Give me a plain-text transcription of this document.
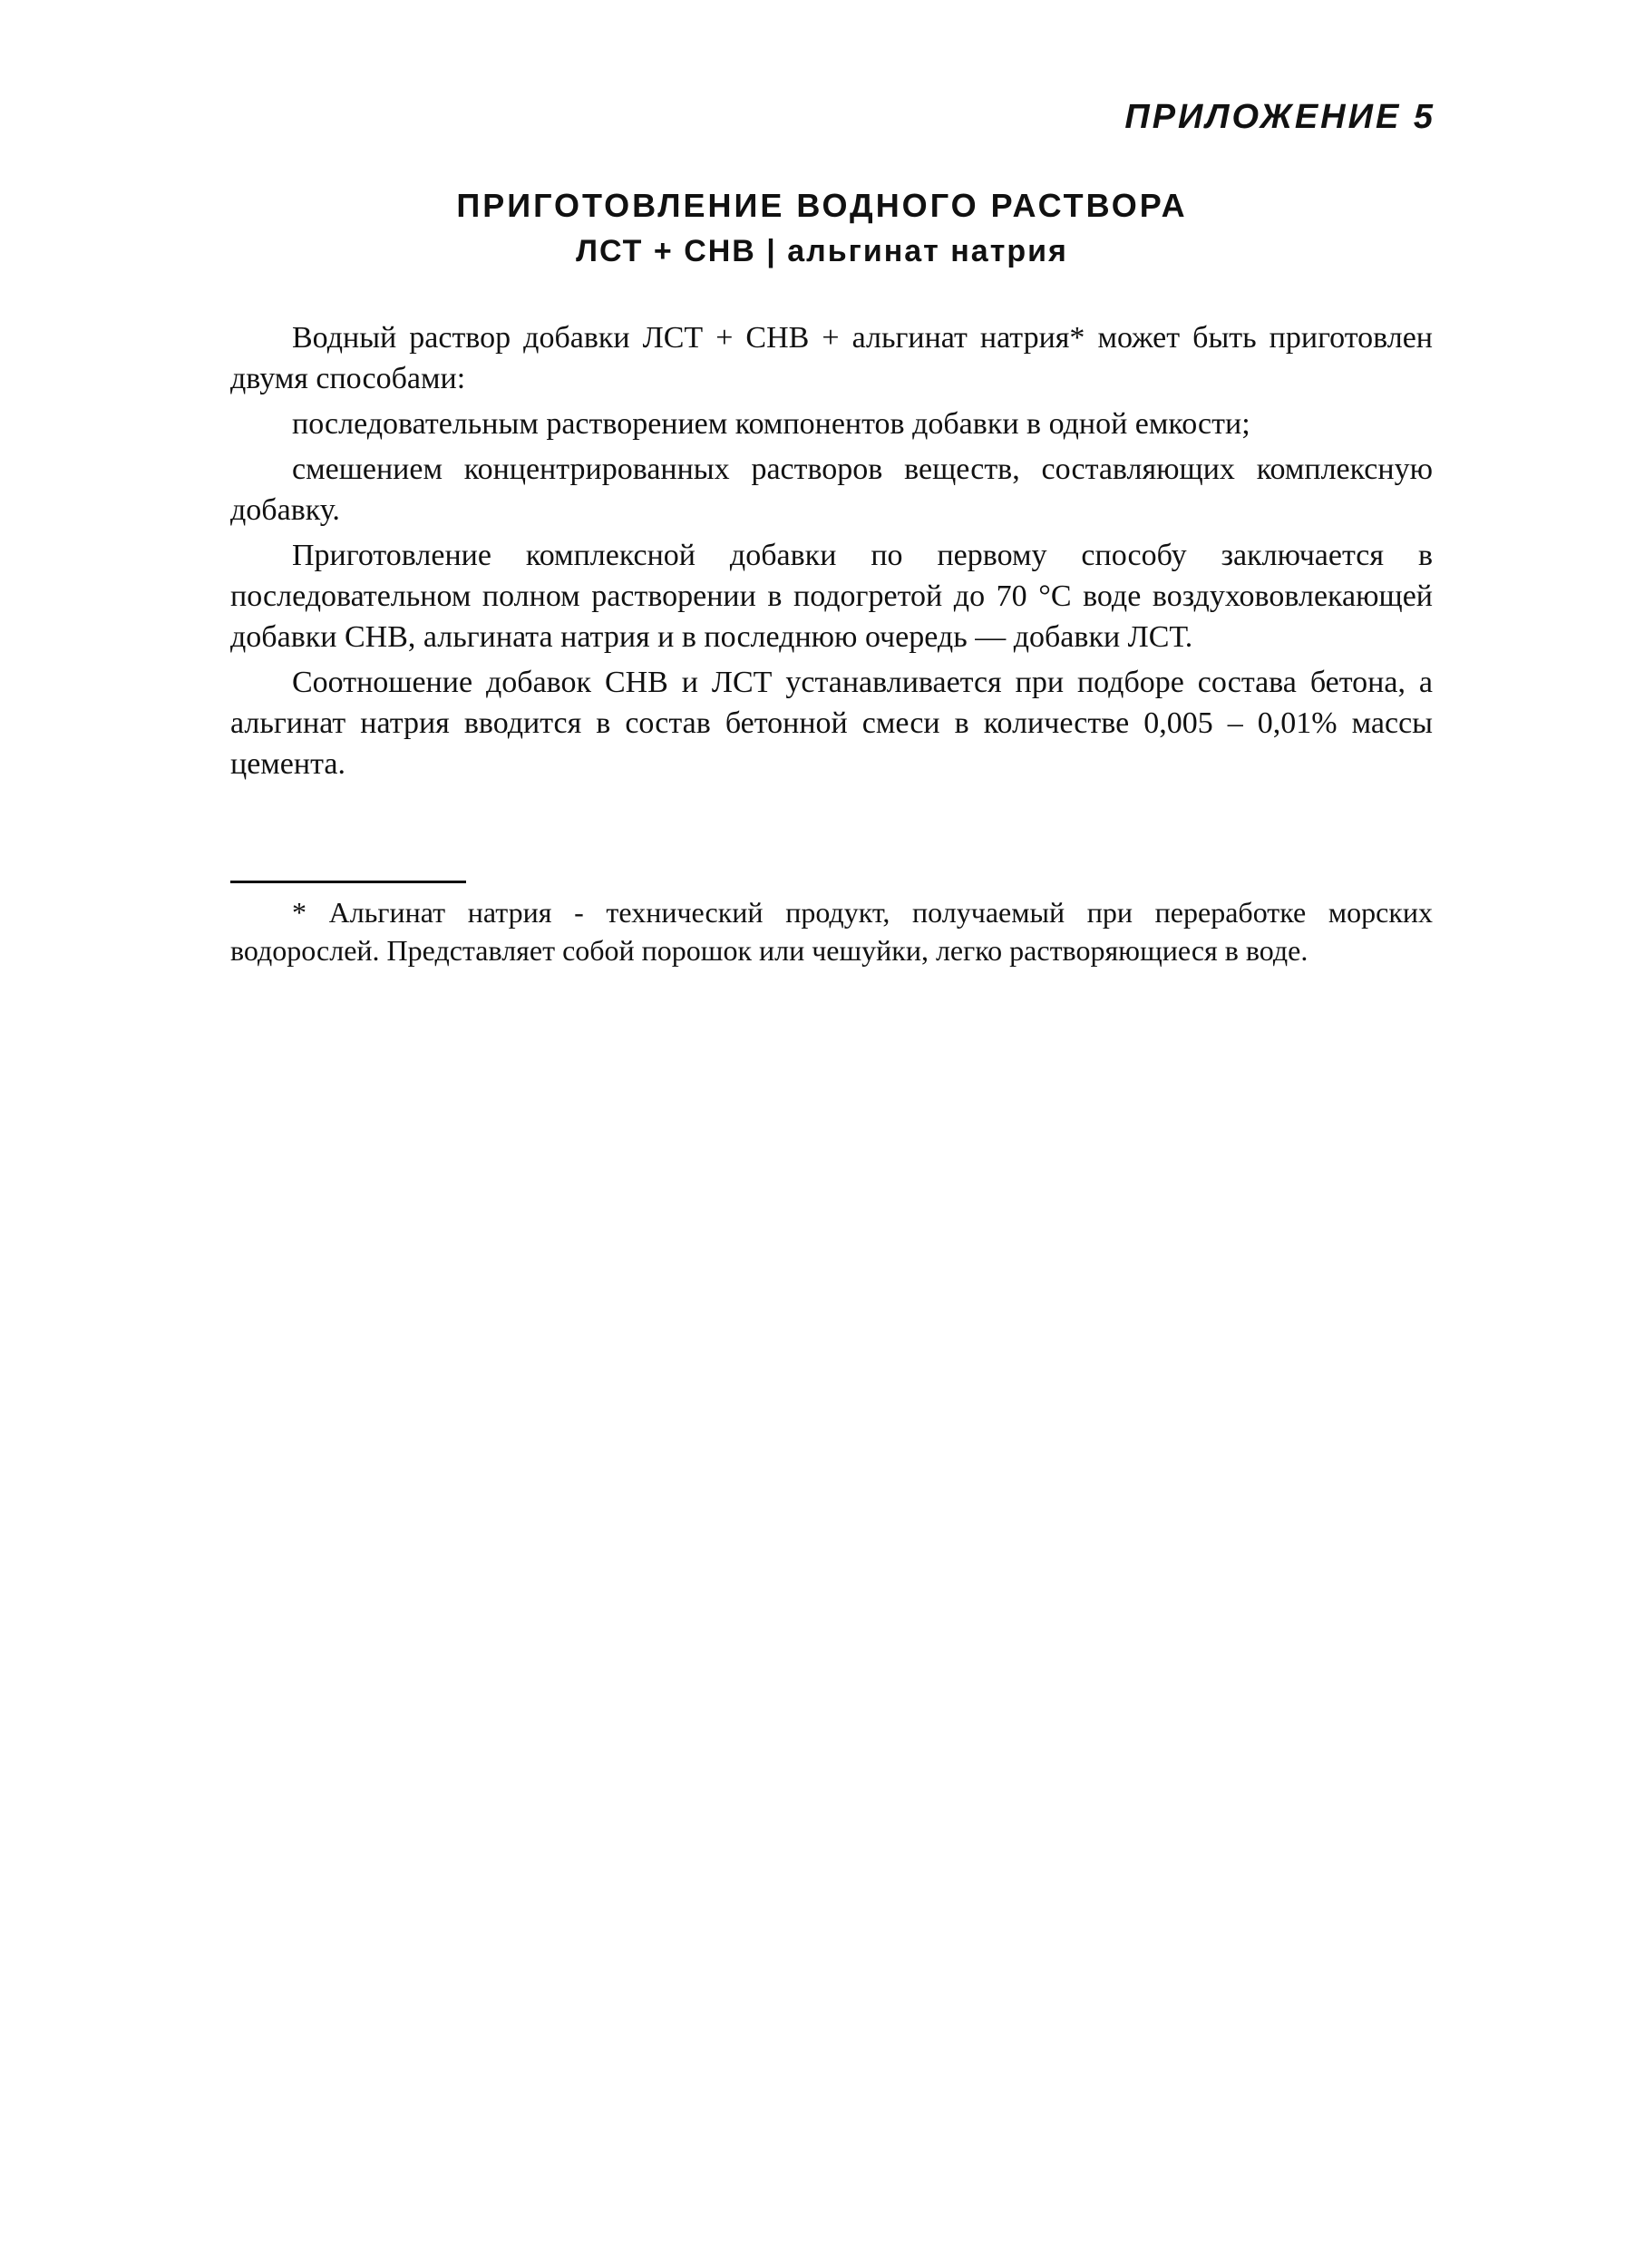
ПРИЛОЖЕНИЕ 5
ПРИГОТОВЛЕНИЕ ВОДНОГО РАСТВОРА
ЛСТ + СНВ | альгинат натрия

Водный раствор добавки ЛСТ + СНВ + альгинат натрия* может быть приготовлен двумя способами:

последовательным растворением компонентов добавки в одной емкости;

смешением концентрированных растворов веществ, составляющих комплексную добавку.

Приготовление комплексной добавки по первому способу заключается в последовательном полном растворении в подогретой до 70 °С воде воздухововлекающей добавки СНВ, альгината натрия и в последнюю очередь — добавки ЛСТ.

Соотношение добавок СНВ и ЛСТ устанавливается при подборе состава бетона, а альгинат натрия вводится в состав бетонной смеси в количестве 0,005 – 0,01% массы цемента.

* Альгинат натрия - технический продукт, получаемый при переработке морских водорослей. Представляет собой порошок или чешуйки, легко растворяющиеся в воде.
